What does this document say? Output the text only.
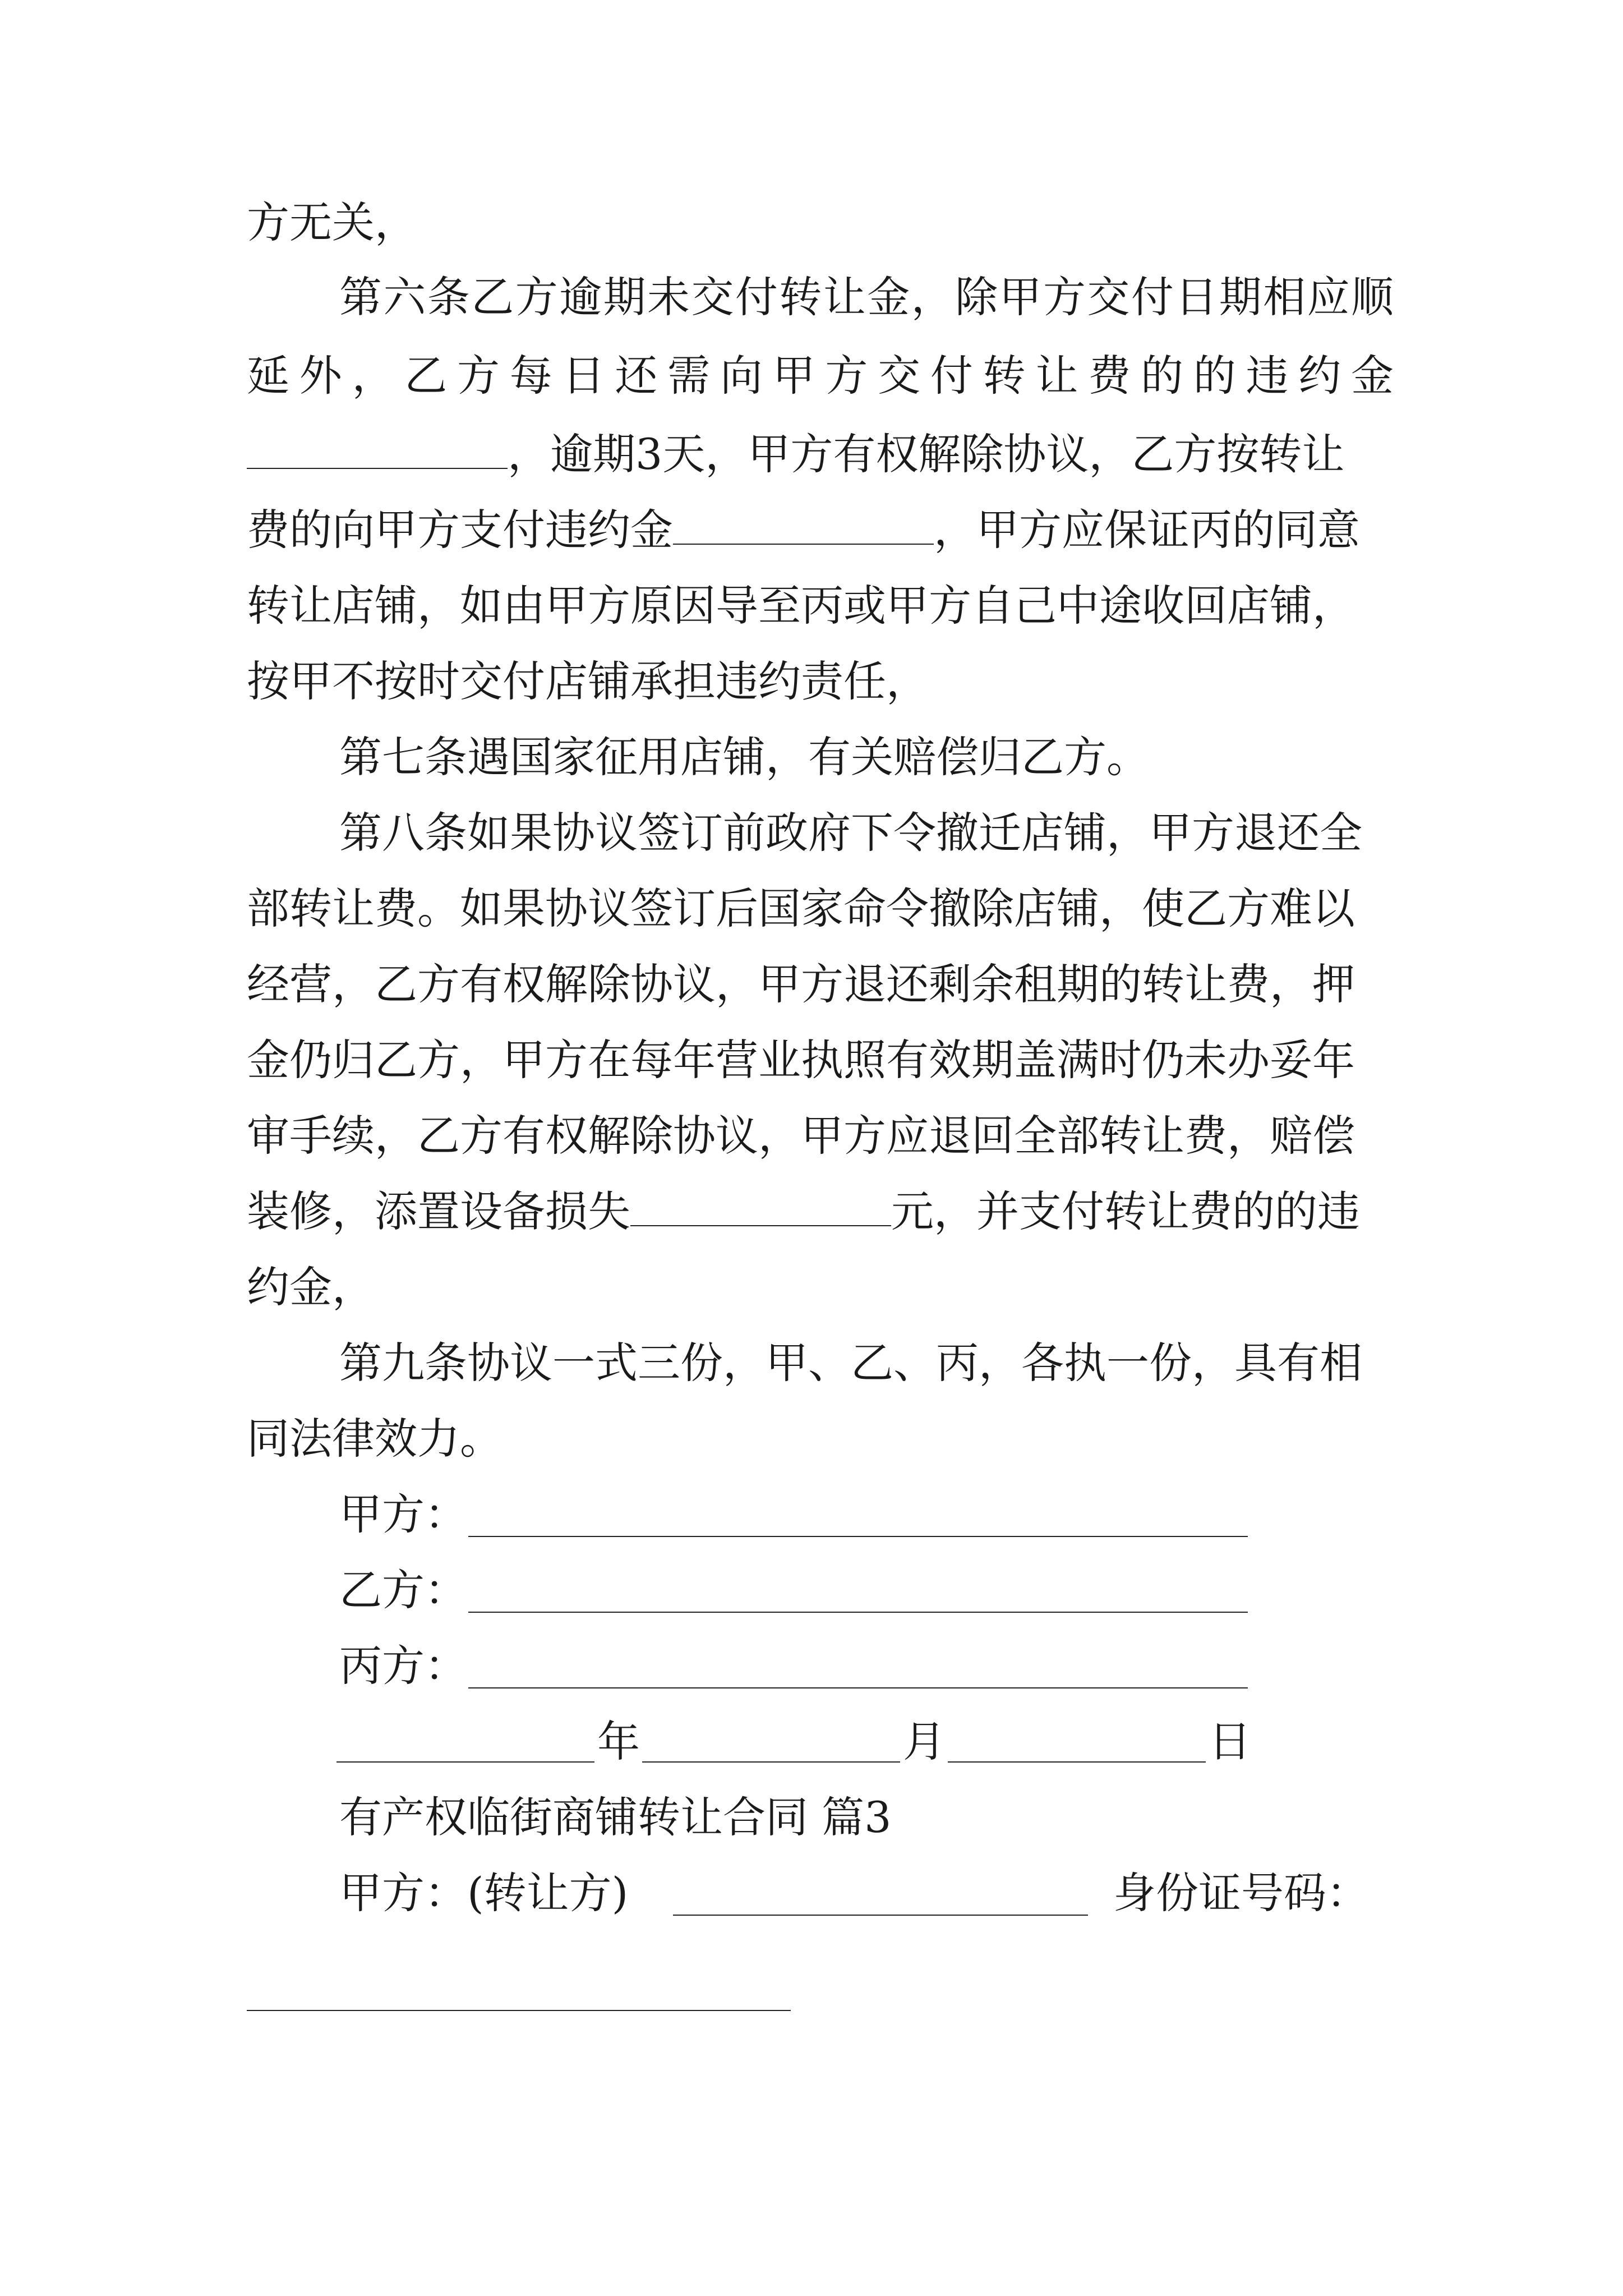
方无关，
第六条乙方逾期未交付转让金，除甲方交付日期相应顺
延外，乙方每日还需向甲方交付转让费的的违约金
，逾期3天，甲方有权解除协议，乙方按转让
费的向甲方支付违约金	，甲方应保证丙的同意
转让店铺，如由甲方原因导至丙或甲方自己中途收回店铺，
按甲不按时交付店铺承担违约责任，
第七条遇国家征用店铺，有关赔偿归乙方。
第八条如果协议签订前政府下令撤迁店铺，甲方退还全
部转让费。如果协议签订后国家命令撤除店铺，使乙方难以
经营，乙方有权解除协议，甲方退还剩余租期的转让费，押
金仍归乙方，甲方在每年营业执照有效期盖满时仍未办妥年
审手续，乙方有权解除协议，甲方应退回全部转让费，赔偿
装修，添置设备损失	元，并支付转让费的的违
约金，
第九条协议一式三份，甲、乙、丙，各执一份，具有相
同法律效力。
甲方：
乙方：
丙方：
年	月	日
有产权临街商铺转让合同 篇3
甲方：(转让方)	身份证号码：
